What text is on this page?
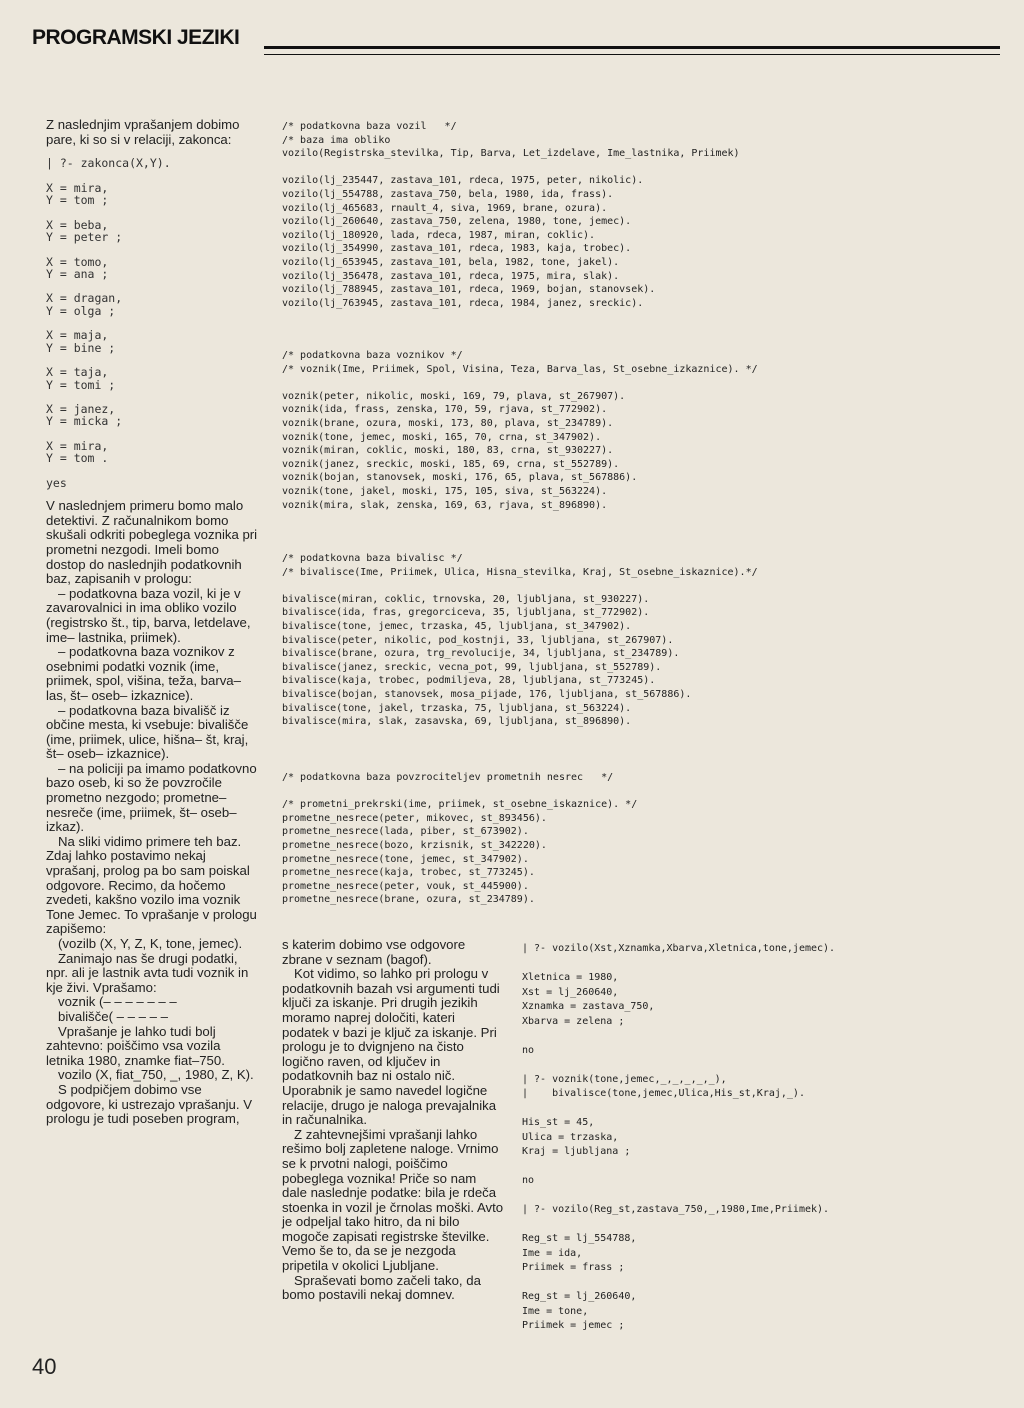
PROGRAMSKI JEZIKI

Z naslednjim vprašanjem dobimo pare, ki so si v relaciji, zakonca:

| ?- zakonca(X,Y).

X = mira,
Y = tom ;

X = beba,
Y = peter ;

X = tomo,
Y = ana ;

X = dragan,
Y = olga ;

X = maja,
Y = bine ;

X = taja,
Y = tomi ;

X = janez,
Y = micka ;

X = mira,
Y = tom .

yes

V naslednjem primeru bomo malo detektivi. Z računalnikom bomo skušali odkriti pobeglega voznika pri prometni nezgodi. Imeli bomo dostop do naslednjih podatkovnih baz, zapisanih v prologu:

– podatkovna baza vozil, ki je v zavarovalnici in ima obliko vozilo (registrsko št., tip, barva, letdelave, ime– lastnika, priimek).

– podatkovna baza voznikov z osebnimi podatki voznik (ime, priimek, spol, višina, teža, barva–las, št– oseb– izkaznice).

– podatkovna baza bivališč iz občine mesta, ki vsebuje: bivališče (ime, priimek, ulice, hišna– št, kraj, št– oseb– izkaznice).

– na policiji pa imamo podatkovno bazo oseb, ki so že povzročile prometno nezgodo; prometne– nesreče (ime, priimek, št– oseb– izkaz).

Na sliki vidimo primere teh baz. Zdaj lahko postavimo nekaj vprašanj, prolog pa bo sam poiskal odgovore. Recimo, da hočemo zvedeti, kakšno vozilo ima voznik Tone Jemec. To vprašanje v prologu zapišemo:

(vozilb (X, Y, Z, K, tone, jemec).

Zanimajo nas še drugi podatki, npr. ali je lastnik avta tudi voznik in kje živi. Vprašamo:

voznik (– – – – – – –

bivališče( – – – – –

Vprašanje je lahko tudi bolj zahtevno: poiščimo vsa vozila letnika 1980, znamke fiat–750.

vozilo (X, fiat_750, _, 1980, Z, K).

S podpičjem dobimo vse odgovore, ki ustrezajo vprašanju. V prologu je tudi poseben program,

s katerim dobimo vse odgovore zbrane v seznam (bagof).

Kot vidimo, so lahko pri prologu v podatkovnih bazah vsi argumenti tudi ključi za iskanje. Pri drugih jezikih moramo naprej določiti, kateri podatek v bazi je ključ za iskanje. Pri prologu je to dvignjeno na čisto logično raven, od ključev in podatkovnih baz ni ostalo nič. Uporabnik je samo navedel logične relacije, drugo je naloga prevajalnika in računalnika.

Z zahtevnejšimi vprašanji lahko rešimo bolj zapletene naloge. Vrnimo se k prvotni nalogi, poiščimo pobeglega voznika! Priče so nam dale naslednje podatke: bila je rdeča stoenka in vozil je črnolas moški. Avto je odpeljal tako hitro, da ni bilo mogoče zapisati registrske številke. Vemo še to, da se je nezgoda pripetila v okolici Ljubljane.

Spraševati bomo začeli tako, da bomo postavili nekaj domnev.

/* podatkovna baza vozil   */
/* baza ima obliko
vozilo(Registrska_stevilka, Tip, Barva, Let_izdelave, Ime_lastnika, Priimek)

vozilo(lj_235447, zastava_101, rdeca, 1975, peter, nikolic).
vozilo(lj_554788, zastava_750, bela, 1980, ida, frass).
vozilo(lj_465683, rnault_4, siva, 1969, brane, ozura).
vozilo(lj_260640, zastava_750, zelena, 1980, tone, jemec).
vozilo(lj_180920, lada, rdeca, 1987, miran, coklic).
vozilo(lj_354990, zastava_101, rdeca, 1983, kaja, trobec).
vozilo(lj_653945, zastava_101, bela, 1982, tone, jakel).
vozilo(lj_356478, zastava_101, rdeca, 1975, mira, slak).
vozilo(lj_788945, zastava_101, rdeca, 1969, bojan, stanovsek).
vozilo(lj_763945, zastava_101, rdeca, 1984, janez, sreckic).
/* podatkovna baza voznikov */
/* voznik(Ime, Priimek, Spol, Visina, Teza, Barva_las, St_osebne_izkaznice). */

voznik(peter, nikolic, moski, 169, 79, plava, st_267907).
voznik(ida, frass, zenska, 170, 59, rjava, st_772902).
voznik(brane, ozura, moski, 173, 80, plava, st_234789).
voznik(tone, jemec, moski, 165, 70, crna, st_347902).
voznik(miran, coklic, moski, 180, 83, crna, st_930227).
voznik(janez, sreckic, moski, 185, 69, crna, st_552789).
voznik(bojan, stanovsek, moski, 176, 65, plava, st_567886).
voznik(tone, jakel, moski, 175, 105, siva, st_563224).
voznik(mira, slak, zenska, 169, 63, rjava, st_896890).
/* podatkovna baza bivalisc */
/* bivalisce(Ime, Priimek, Ulica, Hisna_stevilka, Kraj, St_osebne_iskaznice).*/

bivalisce(miran, coklic, trnovska, 20, ljubljana, st_930227).
bivalisce(ida, fras, gregorciceva, 35, ljubljana, st_772902).
bivalisce(tone, jemec, trzaska, 45, ljubljana, st_347902).
bivalisce(peter, nikolic, pod_kostnji, 33, ljubljana, st_267907).
bivalisce(brane, ozura, trg_revolucije, 34, ljubljana, st_234789).
bivalisce(janez, sreckic, vecna_pot, 99, ljubljana, st_552789).
bivalisce(kaja, trobec, podmiljeva, 28, ljubljana, st_773245).
bivalisce(bojan, stanovsek, mosa_pijade, 176, ljubljana, st_567886).
bivalisce(tone, jakel, trzaska, 75, ljubljana, st_563224).
bivalisce(mira, slak, zasavska, 69, ljubljana, st_896890).
/* podatkovna baza povzrociteljev prometnih nesrec   */

/* prometni_prekrski(ime, priimek, st_osebne_iskaznice). */
prometne_nesrece(peter, mikovec, st_893456).
prometne_nesrece(lada, piber, st_673902).
prometne_nesrece(bozo, krzisnik, st_342220).
prometne_nesrece(tone, jemec, st_347902).
prometne_nesrece(kaja, trobec, st_773245).
prometne_nesrece(peter, vouk, st_445900).
prometne_nesrece(brane, ozura, st_234789).
| ?- vozilo(Xst,Xznamka,Xbarva,Xletnica,tone,jemec).

Xletnica = 1980,
Xst = lj_260640,
Xznamka = zastava_750,
Xbarva = zelena ;

no

| ?- voznik(tone,jemec,_,_,_,_,_),
|    bivalisce(tone,jemec,Ulica,His_st,Kraj,_).

His_st = 45,
Ulica = trzaska,
Kraj = ljubljana ;

no

| ?- vozilo(Reg_st,zastava_750,_,1980,Ime,Priimek).

Reg_st = lj_554788,
Ime = ida,
Priimek = frass ;

Reg_st = lj_260640,
Ime = tone,
Priimek = jemec ;
40
